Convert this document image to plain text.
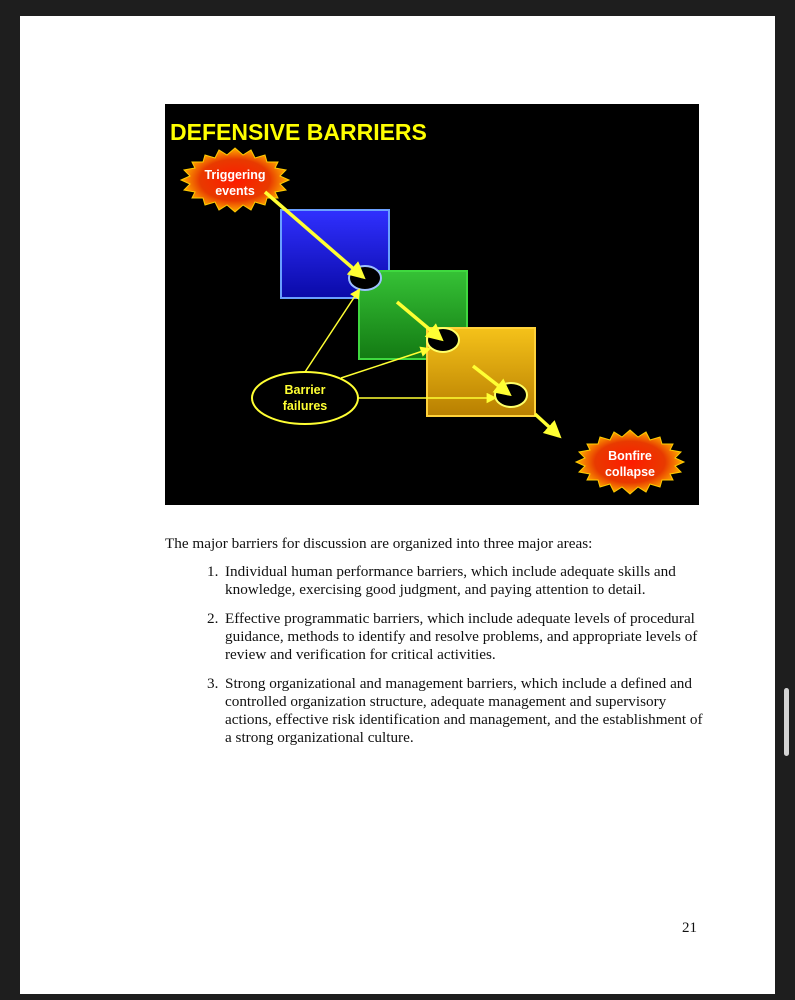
DEFENSIVE BARRIERS
Triggering
events
Barrier
failures
Bonfire
collapse

The major barriers for discussion are organized into three major areas:

1. Individual human performance barriers, which include adequate skills and knowledge, exercising good judgment, and paying attention to detail.
2. Effective programmatic barriers, which include adequate levels of procedural guidance, methods to identify and resolve problems, and appropriate levels of review and verification for critical activities.
3. Strong organizational and management barriers, which include a defined and controlled organization structure, adequate management and supervisory actions, effective risk identification and management, and the establishment of a strong organizational culture.
21
